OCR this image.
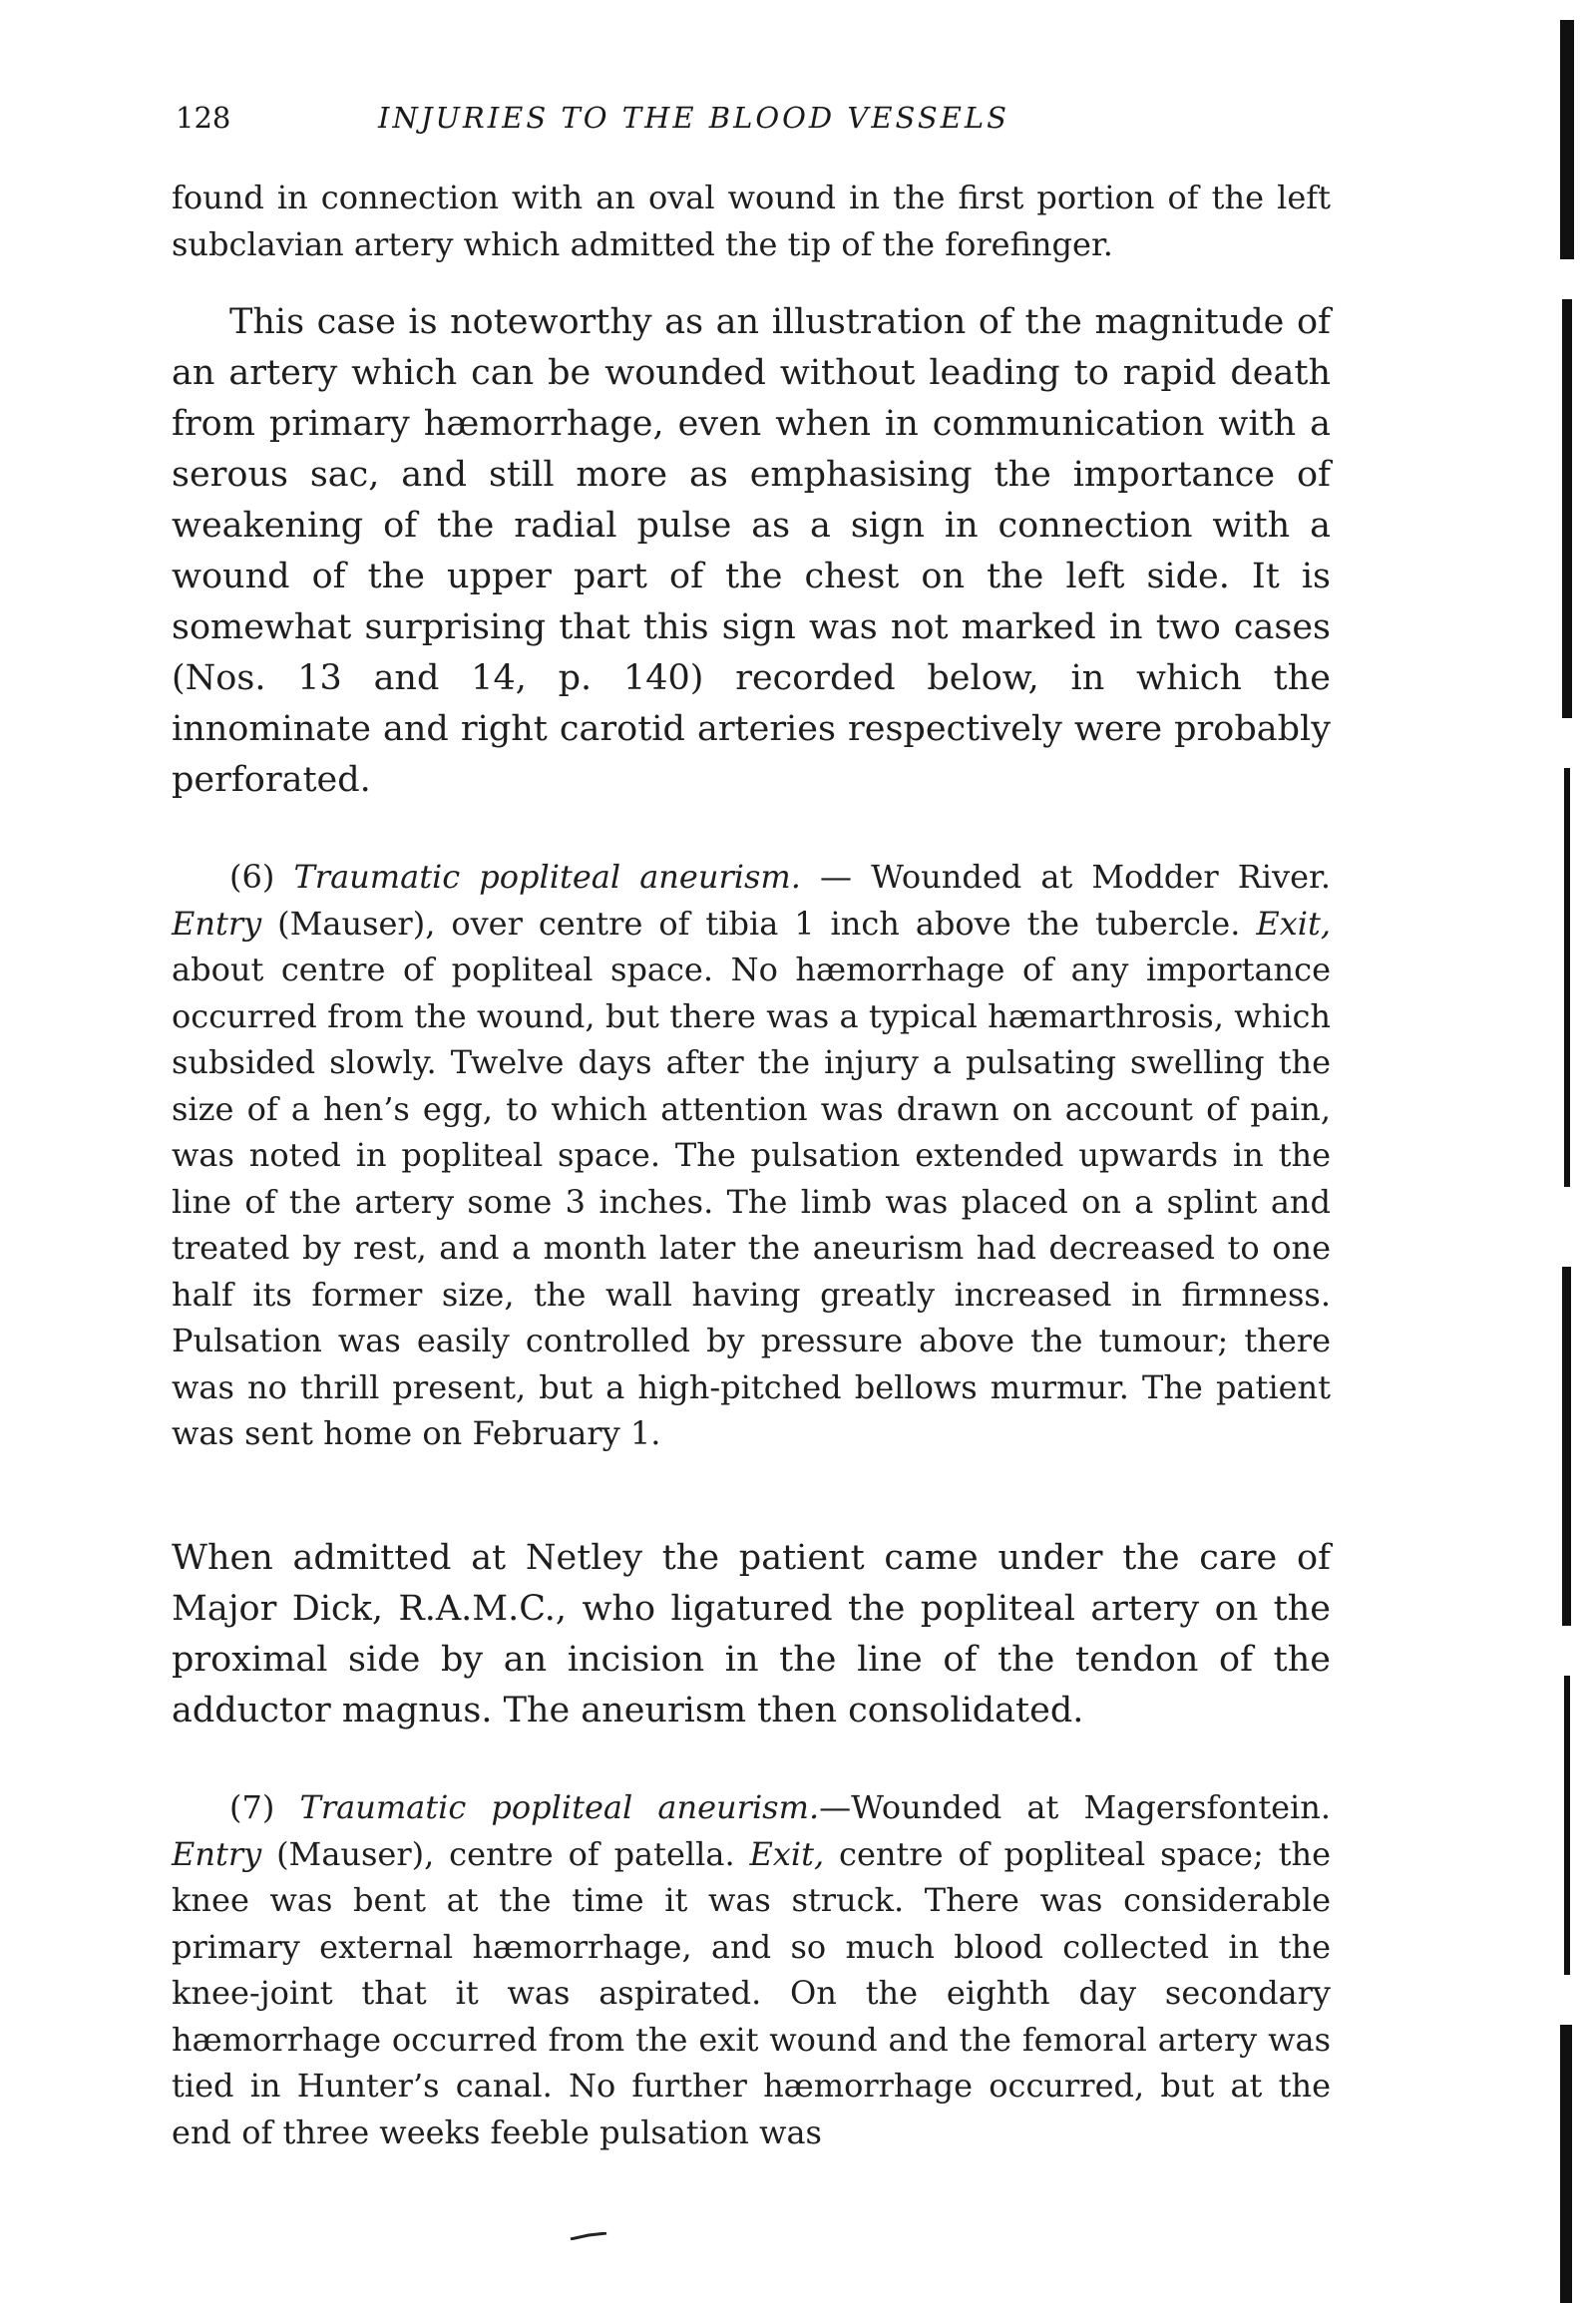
128	INJURIES TO THE BLOOD VESSELS

found in connection with an oval wound in the first portion of the left subclavian artery which admitted the tip of the forefinger.

This case is noteworthy as an illustration of the magnitude of an artery which can be wounded without leading to rapid death from primary hæmorrhage, even when in communication with a serous sac, and still more as emphasising the importance of weakening of the radial pulse as a sign in connection with a wound of the upper part of the chest on the left side. It is somewhat surprising that this sign was not marked in two cases (Nos. 13 and 14, p. 140) recorded below, in which the innominate and right carotid arteries respectively were probably perforated.

(6) Traumatic popliteal aneurism. — Wounded at Modder River. Entry (Mauser), over centre of tibia 1 inch above the tubercle. Exit, about centre of popliteal space. No hæmorrhage of any importance occurred from the wound, but there was a typical hæmarthrosis, which subsided slowly. Twelve days after the injury a pulsating swelling the size of a hen’s egg, to which attention was drawn on account of pain, was noted in popliteal space. The pulsation extended upwards in the line of the artery some 3 inches. The limb was placed on a splint and treated by rest, and a month later the aneurism had decreased to one half its former size, the wall having greatly increased in firmness. Pulsation was easily controlled by pressure above the tumour; there was no thrill present, but a high-pitched bellows murmur. The patient was sent home on February 1.

When admitted at Netley the patient came under the care of Major Dick, R.A.M.C., who ligatured the popliteal artery on the proximal side by an incision in the line of the tendon of the adductor magnus. The aneurism then consolidated.

(7) Traumatic popliteal aneurism.—Wounded at Magersfontein. Entry (Mauser), centre of patella. Exit, centre of popliteal space; the knee was bent at the time it was struck. There was considerable primary external hæmorrhage, and so much blood collected in the knee-joint that it was aspirated. On the eighth day secondary hæmorrhage occurred from the exit wound and the femoral artery was tied in Hunter’s canal. No further hæmorrhage occurred, but at the end of three weeks feeble pulsation was
